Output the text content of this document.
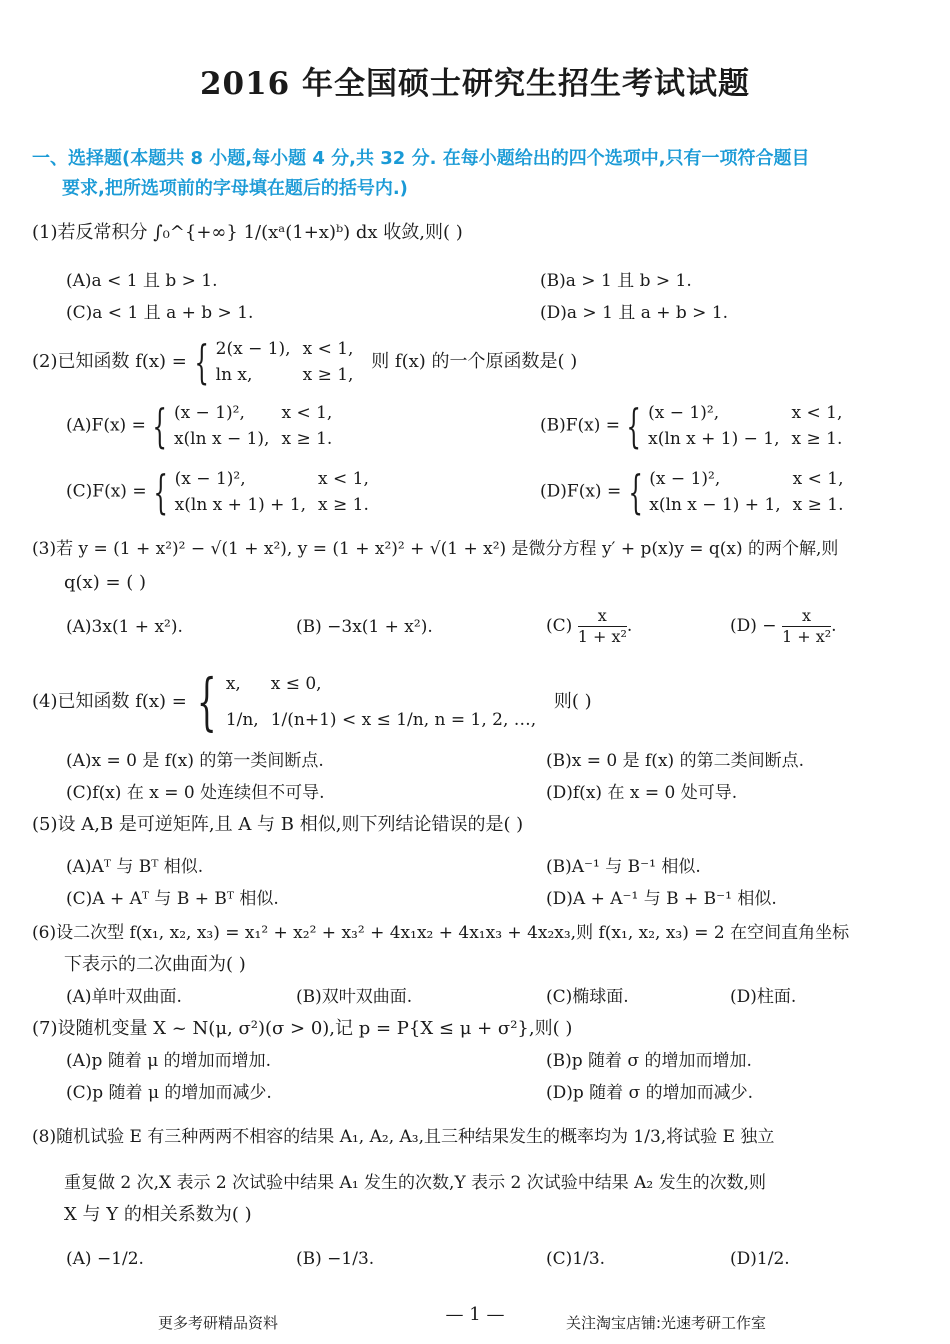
2016 年全国硕士研究生招生考试试题
一、选择题(本题共 8 小题,每小题 4 分,共 32 分. 在每小题给出的四个选项中,只有一项符合题目
要求,把所选项前的字母填在题后的括号内.)
(1)若反常积分 ∫₀^{+∞} 1/(xᵃ(1+x)ᵇ) dx 收敛,则( )
(A)a < 1 且 b > 1.	(B)a > 1 且 b > 1.
(C)a < 1 且 a + b > 1.	(D)a > 1 且 a + b > 1.
(2)已知函数 f(x) = { 2(x − 1),	x < 1,
ln x,	x ≥ 1, 则 f(x) 的一个原函数是( )
(A)F(x) = { (x − 1)²,	x < 1,
x(ln x − 1),	x ≥ 1.
(B)F(x) = { (x − 1)²,	x < 1,
x(ln x + 1) − 1,	x ≥ 1.
(C)F(x) = { (x − 1)²,	x < 1,
x(ln x + 1) + 1,	x ≥ 1.
(D)F(x) = { (x − 1)²,	x < 1,
x(ln x − 1) + 1,	x ≥ 1.
(3)若 y = (1 + x²)² − √(1 + x²), y = (1 + x²)² + √(1 + x²) 是微分方程 y′ + p(x)y = q(x) 的两个解,则
q(x) = ( )
(A)3x(1 + x²).	(B) −3x(1 + x²).	$(C) \frac{x}{\text{1 + x²}}$ .	$(D) - \frac{x}{\text{1 + x²}}$ .
(4)已知函数 f(x) = { x,	x ≤ 0,
1/n,	1/(n+1) < x ≤ 1/n, n = 1, 2, …, 则( )
(A)x = 0 是 f(x) 的第一类间断点.	(B)x = 0 是 f(x) 的第二类间断点.
(C)f(x) 在 x = 0 处连续但不可导.	(D)f(x) 在 x = 0 处可导.
(5)设 A,B 是可逆矩阵,且 A 与 B 相似,则下列结论错误的是( )
(A)Aᵀ 与 Bᵀ 相似.	(B)A⁻¹ 与 B⁻¹ 相似.
(C)A + Aᵀ 与 B + Bᵀ 相似.	(D)A + A⁻¹ 与 B + B⁻¹ 相似.
(6)设二次型 f(x₁, x₂, x₃) = x₁² + x₂² + x₃² + 4x₁x₂ + 4x₁x₃ + 4x₂x₃,则 f(x₁, x₂, x₃) = 2 在空间直角坐标
下表示的二次曲面为( )
(A)单叶双曲面.	(B)双叶双曲面.	(C)椭球面.	(D)柱面.
(7)设随机变量 X ~ N(μ, σ²)(σ > 0),记 p = P{X ≤ μ + σ²},则( )
(A)p 随着 μ 的增加而增加.	(B)p 随着 σ 的增加而增加.
(C)p 随着 μ 的增加而减少.	(D)p 随着 σ 的增加而减少.
(8)随机试验 E 有三种两两不相容的结果 A₁, A₂, A₃,且三种结果发生的概率均为 1/3,将试验 E 独立
重复做 2 次,X 表示 2 次试验中结果 A₁ 发生的次数,Y 表示 2 次试验中结果 A₂ 发生的次数,则
X 与 Y 的相关系数为( )
(A) −1/2.	(B) −1/3.	(C)1/3.	(D)1/2.
更多考研精品资料	— 1 —	关注淘宝店铺:光速考研工作室
